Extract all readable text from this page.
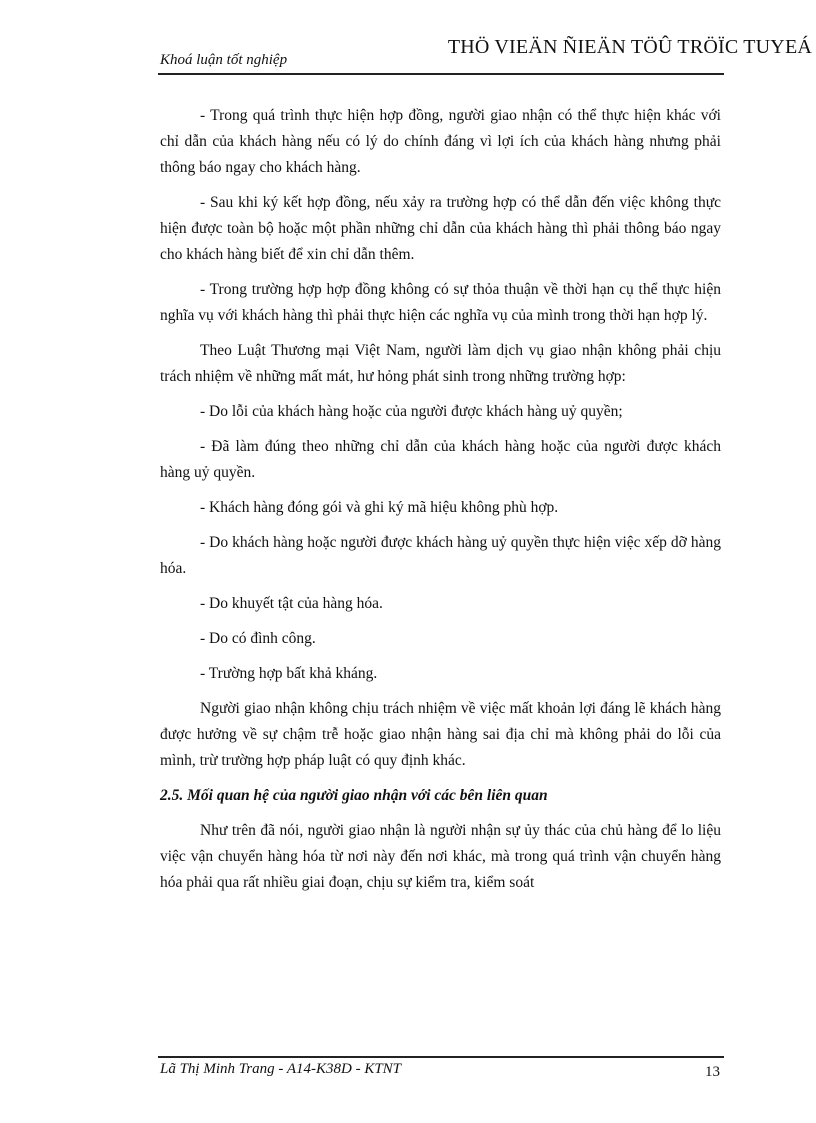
Khoá luận tốt nghiệp
THÖ VIEÄN ÑIEÄN TÖÛ TRÖÏC TUYEÁ

- Trong quá trình thực hiện hợp đồng, người giao nhận có thể thực hiện khác với chỉ dẫn của khách hàng nếu có lý do chính đáng vì lợi ích của khách hàng nhưng phải thông báo ngay cho khách hàng.

- Sau khi ký kết hợp đồng, nếu xảy ra trường hợp có thể dẫn đến việc không thực hiện được toàn bộ hoặc một phần những chỉ dẫn của khách hàng thì phải thông báo ngay cho khách hàng biết để xin chỉ dẫn thêm.

- Trong trường hợp hợp đồng không có sự thỏa thuận về thời hạn cụ thể thực hiện nghĩa vụ với khách hàng thì phải thực hiện các nghĩa vụ của mình trong thời hạn hợp lý.

Theo Luật Thương mại Việt Nam, người làm dịch vụ giao nhận không phải chịu trách nhiệm về những mất mát, hư hỏng phát sinh trong những trường hợp:

- Do lỗi của khách hàng hoặc của người được khách hàng uỷ quyền;

- Đã làm đúng theo những chỉ dẫn của khách hàng hoặc của người được khách hàng uỷ quyền.

- Khách hàng đóng gói và ghi ký mã hiệu không phù hợp.

- Do khách hàng hoặc người được khách hàng uỷ quyền thực hiện việc xếp dỡ hàng hóa.

- Do khuyết tật của hàng hóa.

- Do có đình công.

- Trường hợp bất khả kháng.

Người giao nhận không chịu trách nhiệm về việc mất khoản lợi đáng lẽ khách hàng được hưởng về sự chậm trễ hoặc giao nhận hàng sai địa chỉ mà không phải do lỗi của mình, trừ trường hợp pháp luật có quy định khác.

2.5. Mối quan hệ của người giao nhận với các bên liên quan

Như trên đã nói, người giao nhận là người nhận sự ủy thác của chủ hàng để lo liệu việc vận chuyển hàng hóa từ nơi này đến nơi khác, mà trong quá trình vận chuyển hàng hóa phải qua rất nhiều giai đoạn, chịu sự kiểm tra, kiểm soát

Lã Thị Minh Trang - A14-K38D - KTNT	13
